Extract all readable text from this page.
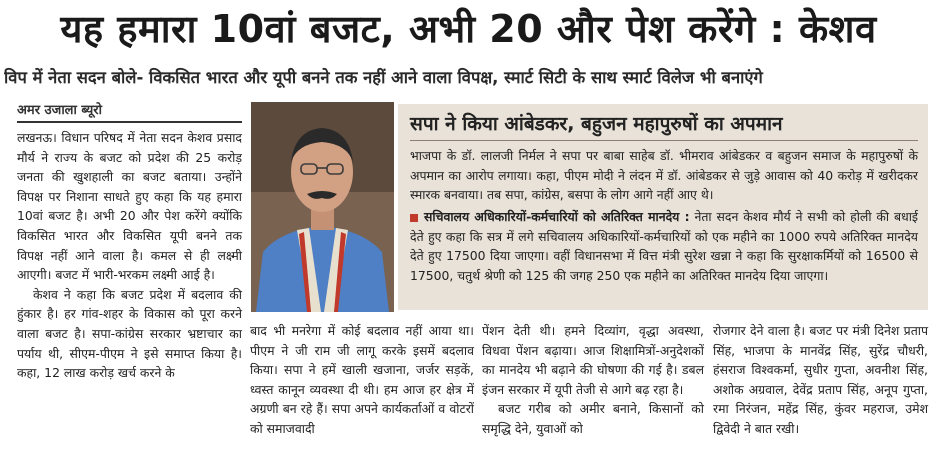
यह हमारा 10वां बजट, अभी 20 और पेश करेंगे : केशव
विप में नेता सदन बोले- विकसित भारत और यूपी बनने तक नहीं आने वाला विपक्ष, स्मार्ट सिटी के साथ स्मार्ट विलेज भी बनाएंगे
अमर उजाला ब्यूरो

लखनऊ। विधान परिषद में नेता सदन केशव प्रसाद मौर्य ने राज्य के बजट को प्रदेश की 25 करोड़ जनता की खुशहाली का बजट बताया। उन्होंने विपक्ष पर निशाना साधते हुए कहा कि यह हमारा 10वां बजट है। अभी 20 और पेश करेंगे क्योंकि विकसित भारत और विकसित यूपी बनने तक विपक्ष नहीं आने वाला है। कमल से ही लक्ष्मी आएगी। बजट में भारी-भरकम लक्ष्मी आई है।

केशव ने कहा कि बजट प्रदेश में बदलाव की हुंकार है। हर गांव-शहर के विकास को पूरा करने वाला बजट है। सपा-कांग्रेस सरकार भ्रष्टाचार का पर्याय थी, सीएम-पीएम ने इसे समाप्त किया है। कहा, 12 लाख करोड़ खर्च करने के

सपा ने किया आंबेडकर, बहुजन महापुरुषों का अपमान
भाजपा के डॉ. लालजी निर्मल ने सपा पर बाबा साहेब डॉ. भीमराव आंबेडकर व बहुजन समाज के महापुरुषों के अपमान का आरोप लगाया। कहा, पीएम मोदी ने लंदन में डॉ. आंबेडकर से जुड़े आवास को 40 करोड़ में खरीदकर स्मारक बनवाया। तब सपा, कांग्रेस, बसपा के लोग आगे नहीं आए थे।
सचिवालय अधिकारियों-कर्मचारियों को अतिरिक्त मानदेय : नेता सदन केशव मौर्य ने सभी को होली की बधाई देते हुए कहा कि सत्र में लगे सचिवालय अधिकारियों-कर्मचारियों को एक महीने का 1000 रुपये अतिरिक्त मानदेय देते हुए 17500 दिया जाएगा। वहीं विधानसभा में वित्त मंत्री सुरेश खन्ना ने कहा कि सुरक्षाकर्मियों को 16500 से 17500, चतुर्थ श्रेणी को 125 की जगह 250 एक महीने का अतिरिक्त मानदेय दिया जाएगा।

बाद भी मनरेगा में कोई बदलाव नहीं आया था। पीएम ने जी राम जी लागू करके इसमें बदलाव किया। सपा ने हमें खाली खजाना, जर्जर सड़कें, ध्वस्त कानून व्यवस्था दी थी। हम आज हर क्षेत्र में अग्रणी बन रहे हैं। सपा अपने कार्यकर्ताओं व वोटरों को समाजवादी

पेंशन देती थी। हमने दिव्यांग, वृद्धा अवस्था, विधवा पेंशन बढ़ाया। आज शिक्षामित्रों-अनुदेशकों का मानदेय भी बढ़ाने की घोषणा की गई है। डबल इंजन सरकार में यूपी तेजी से आगे बढ़ रहा है।

बजट गरीब को अमीर बनाने, किसानों को समृद्धि देने, युवाओं को

रोजगार देने वाला है। बजट पर मंत्री दिनेश प्रताप सिंह, भाजपा के मानवेंद्र सिंह, सुरेंद्र चौधरी, हंसराज विश्वकर्मा, सुधीर गुप्ता, अवनीश सिंह, अशोक अग्रवाल, देवेंद्र प्रताप सिंह, अनूप गुप्ता, रमा निरंजन, महेंद्र सिंह, कुंवर महराज, उमेश द्विवेदी ने बात रखी।
